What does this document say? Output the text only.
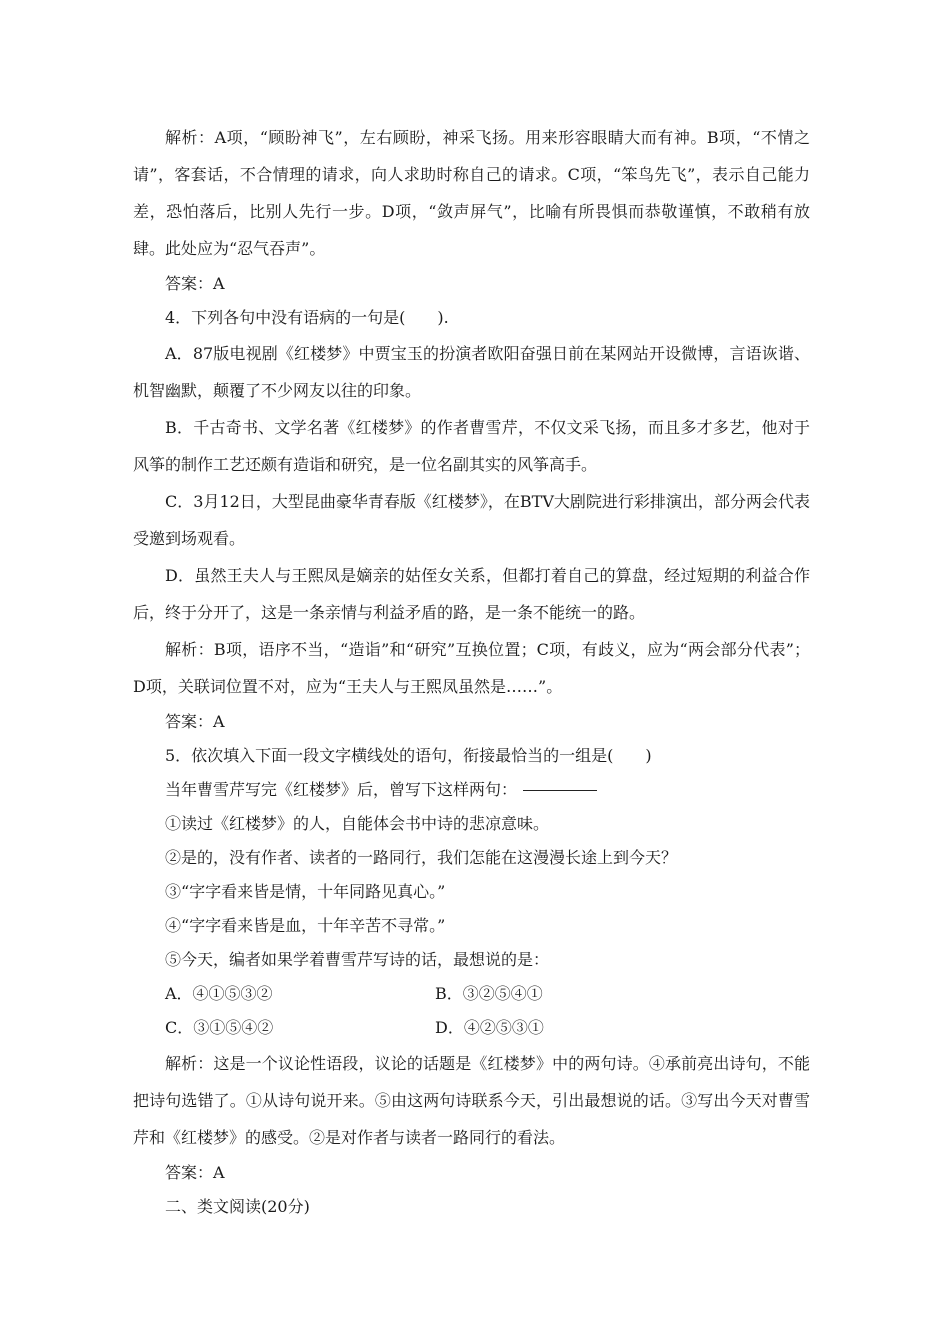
解析：A项，“顾盼神飞”，左右顾盼，神采飞扬。用来形容眼睛大而有神。B项，“不情之请”，客套话，不合情理的请求，向人求助时称自己的请求。C项，“笨鸟先飞”，表示自己能力差，恐怕落后，比别人先行一步。D项，“敛声屏气”，比喻有所畏惧而恭敬谨慎，不敢稍有放肆。此处应为“忍气吞声”。

答案：A

4．下列各句中没有语病的一句是(　　).

A．87版电视剧《红楼梦》中贾宝玉的扮演者欧阳奋强日前在某网站开设微博，言语诙谐、机智幽默，颠覆了不少网友以往的印象。

B．千古奇书、文学名著《红楼梦》的作者曹雪芹，不仅文采飞扬，而且多才多艺，他对于风筝的制作工艺还颇有造诣和研究，是一位名副其实的风筝高手。

C．3月12日，大型昆曲豪华青春版《红楼梦》，在BTV大剧院进行彩排演出，部分两会代表受邀到场观看。

D．虽然王夫人与王熙凤是嫡亲的姑侄女关系，但都打着自己的算盘，经过短期的利益合作后，终于分开了，这是一条亲情与利益矛盾的路，是一条不能统一的路。

解析：B项，语序不当，“造诣”和“研究”互换位置；C项，有歧义，应为“两会部分代表”；D项，关联词位置不对，应为“王夫人与王熙凤虽然是……”。

答案：A

5．依次填入下面一段文字横线处的语句，衔接最恰当的一组是(　　)

当年曹雪芹写完《红楼梦》后，曾写下这样两句：

①读过《红楼梦》的人，自能体会书中诗的悲凉意味。

②是的，没有作者、读者的一路同行，我们怎能在这漫漫长途上到今天？

③“字字看来皆是情，十年同路见真心。”

④“字字看来皆是血，十年辛苦不寻常。”

⑤今天，编者如果学着曹雪芹写诗的话，最想说的是：

A．④①⑤③②	B．③②⑤④①
C．③①⑤④②	D．④②⑤③①

解析：这是一个议论性语段，议论的话题是《红楼梦》中的两句诗。④承前亮出诗句，不能把诗句选错了。①从诗句说开来。⑤由这两句诗联系今天，引出最想说的话。③写出今天对曹雪芹和《红楼梦》的感受。②是对作者与读者一路同行的看法。

答案：A

二、类文阅读(20分)
